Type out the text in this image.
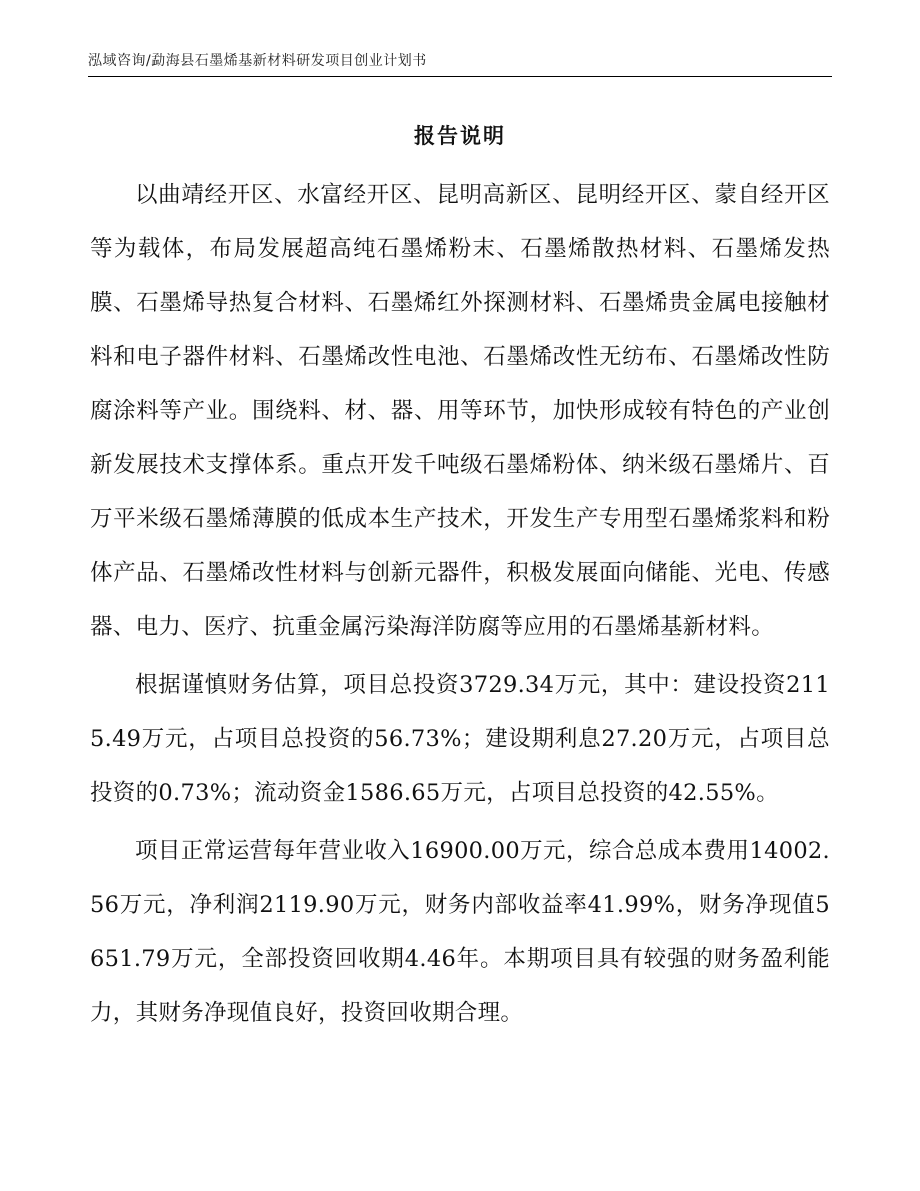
泓域咨询/勐海县石墨烯基新材料研发项目创业计划书
报告说明

以曲靖经开区、水富经开区、昆明高新区、昆明经开区、蒙自经开区等为载体，布局发展超高纯石墨烯粉末、石墨烯散热材料、石墨烯发热膜、石墨烯导热复合材料、石墨烯红外探测材料、石墨烯贵金属电接触材料和电子器件材料、石墨烯改性电池、石墨烯改性无纺布、石墨烯改性防腐涂料等产业。围绕料、材、器、用等环节，加快形成较有特色的产业创新发展技术支撑体系。重点开发千吨级石墨烯粉体、纳米级石墨烯片、百万平米级石墨烯薄膜的低成本生产技术，开发生产专用型石墨烯浆料和粉体产品、石墨烯改性材料与创新元器件，积极发展面向储能、光电、传感器、电力、医疗、抗重金属污染海洋防腐等应用的石墨烯基新材料。

根据谨慎财务估算，项目总投资3729.34万元，其中：建设投资2115.49万元，占项目总投资的56.73%；建设期利息27.20万元，占项目总投资的0.73%；流动资金1586.65万元，占项目总投资的42.55%。

项目正常运营每年营业收入16900.00万元，综合总成本费用14002.56万元，净利润2119.90万元，财务内部收益率41.99%，财务净现值5651.79万元，全部投资回收期4.46年。本期项目具有较强的财务盈利能力，其财务净现值良好，投资回收期合理。
